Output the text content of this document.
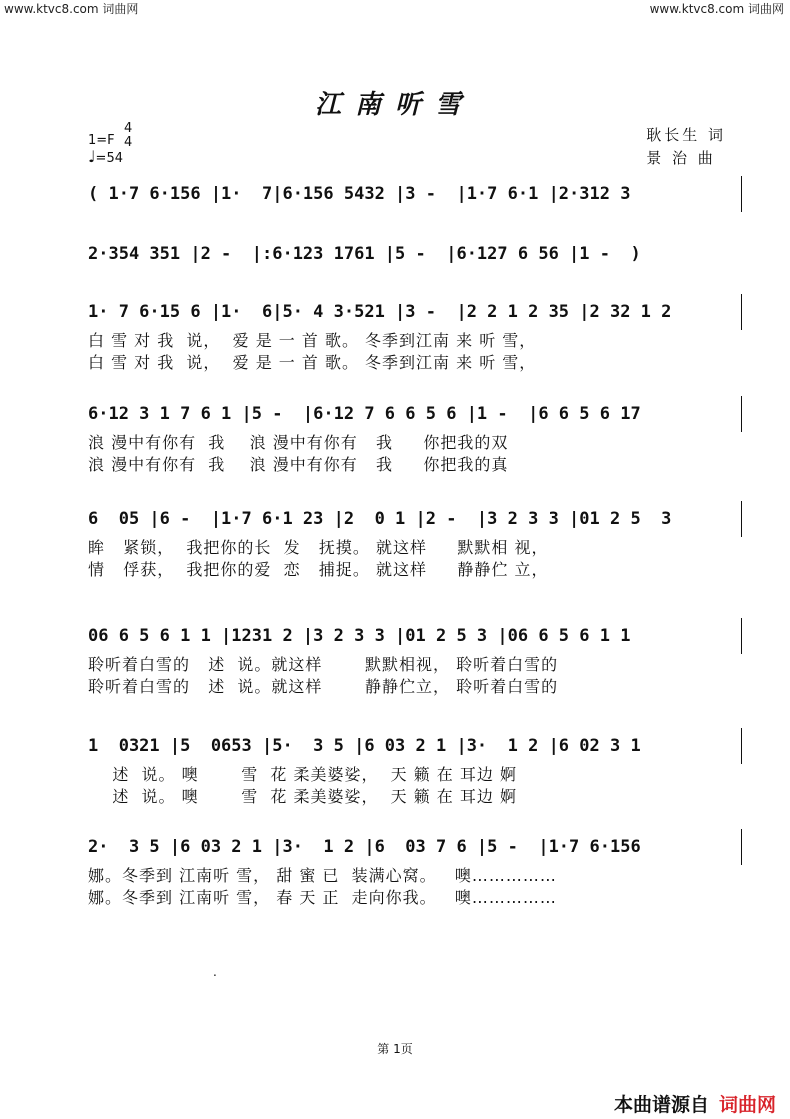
www.ktvc8.com 词曲网	www.ktvc8.com 词曲网
江南听雪
1=F
4
4
♩=54
耿长生 词
景 治 曲

( 1·7 6·156 |1·  7|6·156 5432 |3 -  |1·7 6·1 |2·312 3

2·354 351 |2 -  |:6·123 1761 |5 -  |6·127 6 56 |1 -  )

1· 7 6·15 6 |1·  6|5· 4 3·521 |3 -  |2 2 1 2 35 |2 32 1 2

白 雪 对 我  说，  爱 是 一 首 歌。 冬季到江南 来 听 雪，
白 雪 对 我  说，  爱 是 一 首 歌。 冬季到江南 来 听 雪，

6·12 3 1 7 6 1 |5 -  |6·12 7 6 6 5 6 |1 -  |6 6 5 6 17

浪 漫中有你有  我    浪 漫中有你有   我     你把我的双
浪 漫中有你有  我    浪 漫中有你有   我     你把我的真

6  05 |6 -  |1·7 6·1 23 |2  0 1 |2 -  |3 2 3 3 |01 2 5  3

眸   紧锁，  我把你的长  发   抚摸。 就这样     默默相 视，
情   俘获，  我把你的爱  恋   捕捉。 就这样     静静伫 立，

06 6 5 6 1 1 |1231 2 |3 2 3 3 |01 2 5 3 |06 6 5 6 1 1

聆听着白雪的   述  说。就这样       默默相视， 聆听着白雪的
聆听着白雪的   述  说。就这样       静静伫立， 聆听着白雪的

1  0321 |5  0653 |5·  3 5 |6 03 2 1 |3·  1 2 |6 02 3 1

述  说。 噢       雪  花 柔美婆娑，  天 籁 在 耳边 婀
述  说。 噢       雪  花 柔美婆娑，  天 籁 在 耳边 婀

2·  3 5 |6 03 2 1 |3·  1 2 |6  03 7 6 |5 -  |1·7 6·156

娜。冬季到 江南听 雪， 甜 蜜 已  装满心窝。   噢……………
娜。冬季到 江南听 雪， 春 天 正  走向你我。   噢……………
.
第 1页
本曲谱源自 词曲网
